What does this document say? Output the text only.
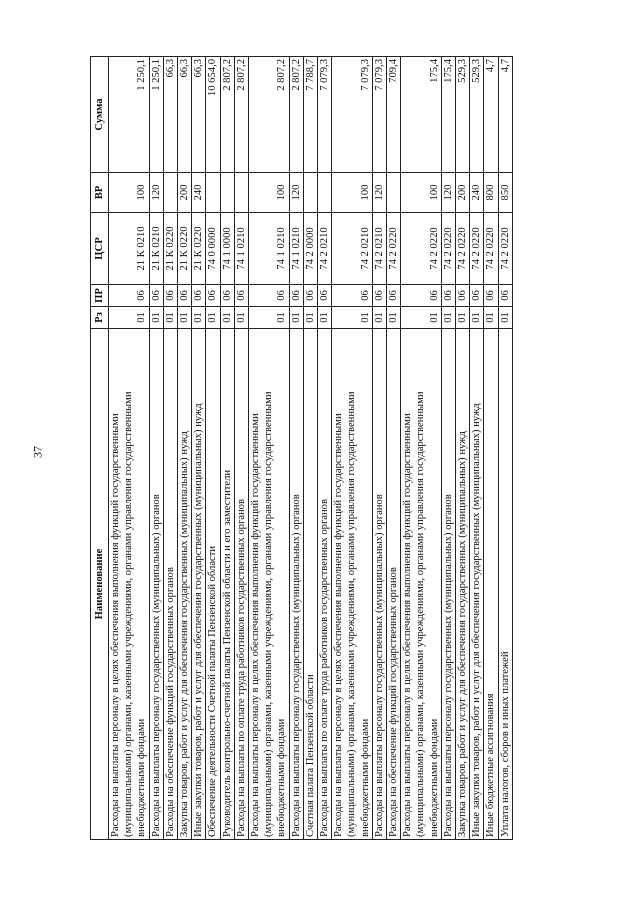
37
Наименование	Рз	ПР	ЦСР	ВР	Сумма
Расходы на выплаты персоналу в целях обеспечения выполнения функций государственными (муниципальными) органами, казенными учреждениями, органами управления государственными внебюджетными фондами	01	06	21 К 0210	100	1 250,1
Расходы на выплаты персоналу государственных (муниципальных) органов	01	06	21 К 0210	120	1 250,1
Расходы на обеспечение функций государственных органов	01	06	21 К 0220		66,3
Закупка товаров, работ и услуг для обеспечения государственных (муниципальных) нужд	01	06	21 К 0220	200	66,3
Иные закупки товаров, работ и услуг для обеспечения государственных (муниципальных) нужд	01	06	21 К 0220	240	66,3
Обеспечение деятельности Счетной палаты Пензенской области	01	06	74 0 0000		10 654,0
Руководитель контрольно-счетной палаты Пензенской области и его заместители	01	06	74 1 0000		2 807,2
Расходы на выплаты по оплате труда работников государственных органов	01	06	74 1 0210		2 807,2
Расходы на выплаты персоналу в целях обеспечения выполнения функций государственными (муниципальными) органами, казенными учреждениями, органами управления государственными внебюджетными фондами	01	06	74 1 0210	100	2 807,2
Расходы на выплаты персоналу государственных (муниципальных) органов	01	06	74 1 0210	120	2 807,2
Счетная палата Пензенской области	01	06	74 2 0000		7 788,7
Расходы на выплаты по оплате труда работников государственных органов	01	06	74 2 0210		7 079,3
Расходы на выплаты персоналу в целях обеспечения выполнения функций государственными (муниципальными) органами, казенными учреждениями, органами управления государственными внебюджетными фондами	01	06	74 2 0210	100	7 079,3
Расходы на выплаты персоналу государственных (муниципальных) органов	01	06	74 2 0210	120	7 079,3
Расходы на обеспечение функций государственных органов	01	06	74 2 0220		709,4
Расходы на выплаты персоналу в целях обеспечения выполнения функций государственными (муниципальными) органами, казенными учреждениями, органами управления государственными внебюджетными фондами	01	06	74 2 0220	100	175,4
Расходы на выплаты персоналу государственных (муниципальных) органов	01	06	74 2 0220	120	175,4
Закупка товаров, работ и услуг для обеспечения государственных (муниципальных) нужд	01	06	74 2 0220	200	529,3
Иные закупки товаров, работ и услуг для обеспечения государственных (муниципальных) нужд	01	06	74 2 0220	240	529,3
Иные бюджетные ассигнования	01	06	74 2 0220	800	4,7
Уплата налогов, сборов и иных платежей	01	06	74 2 0220	850	4,7
